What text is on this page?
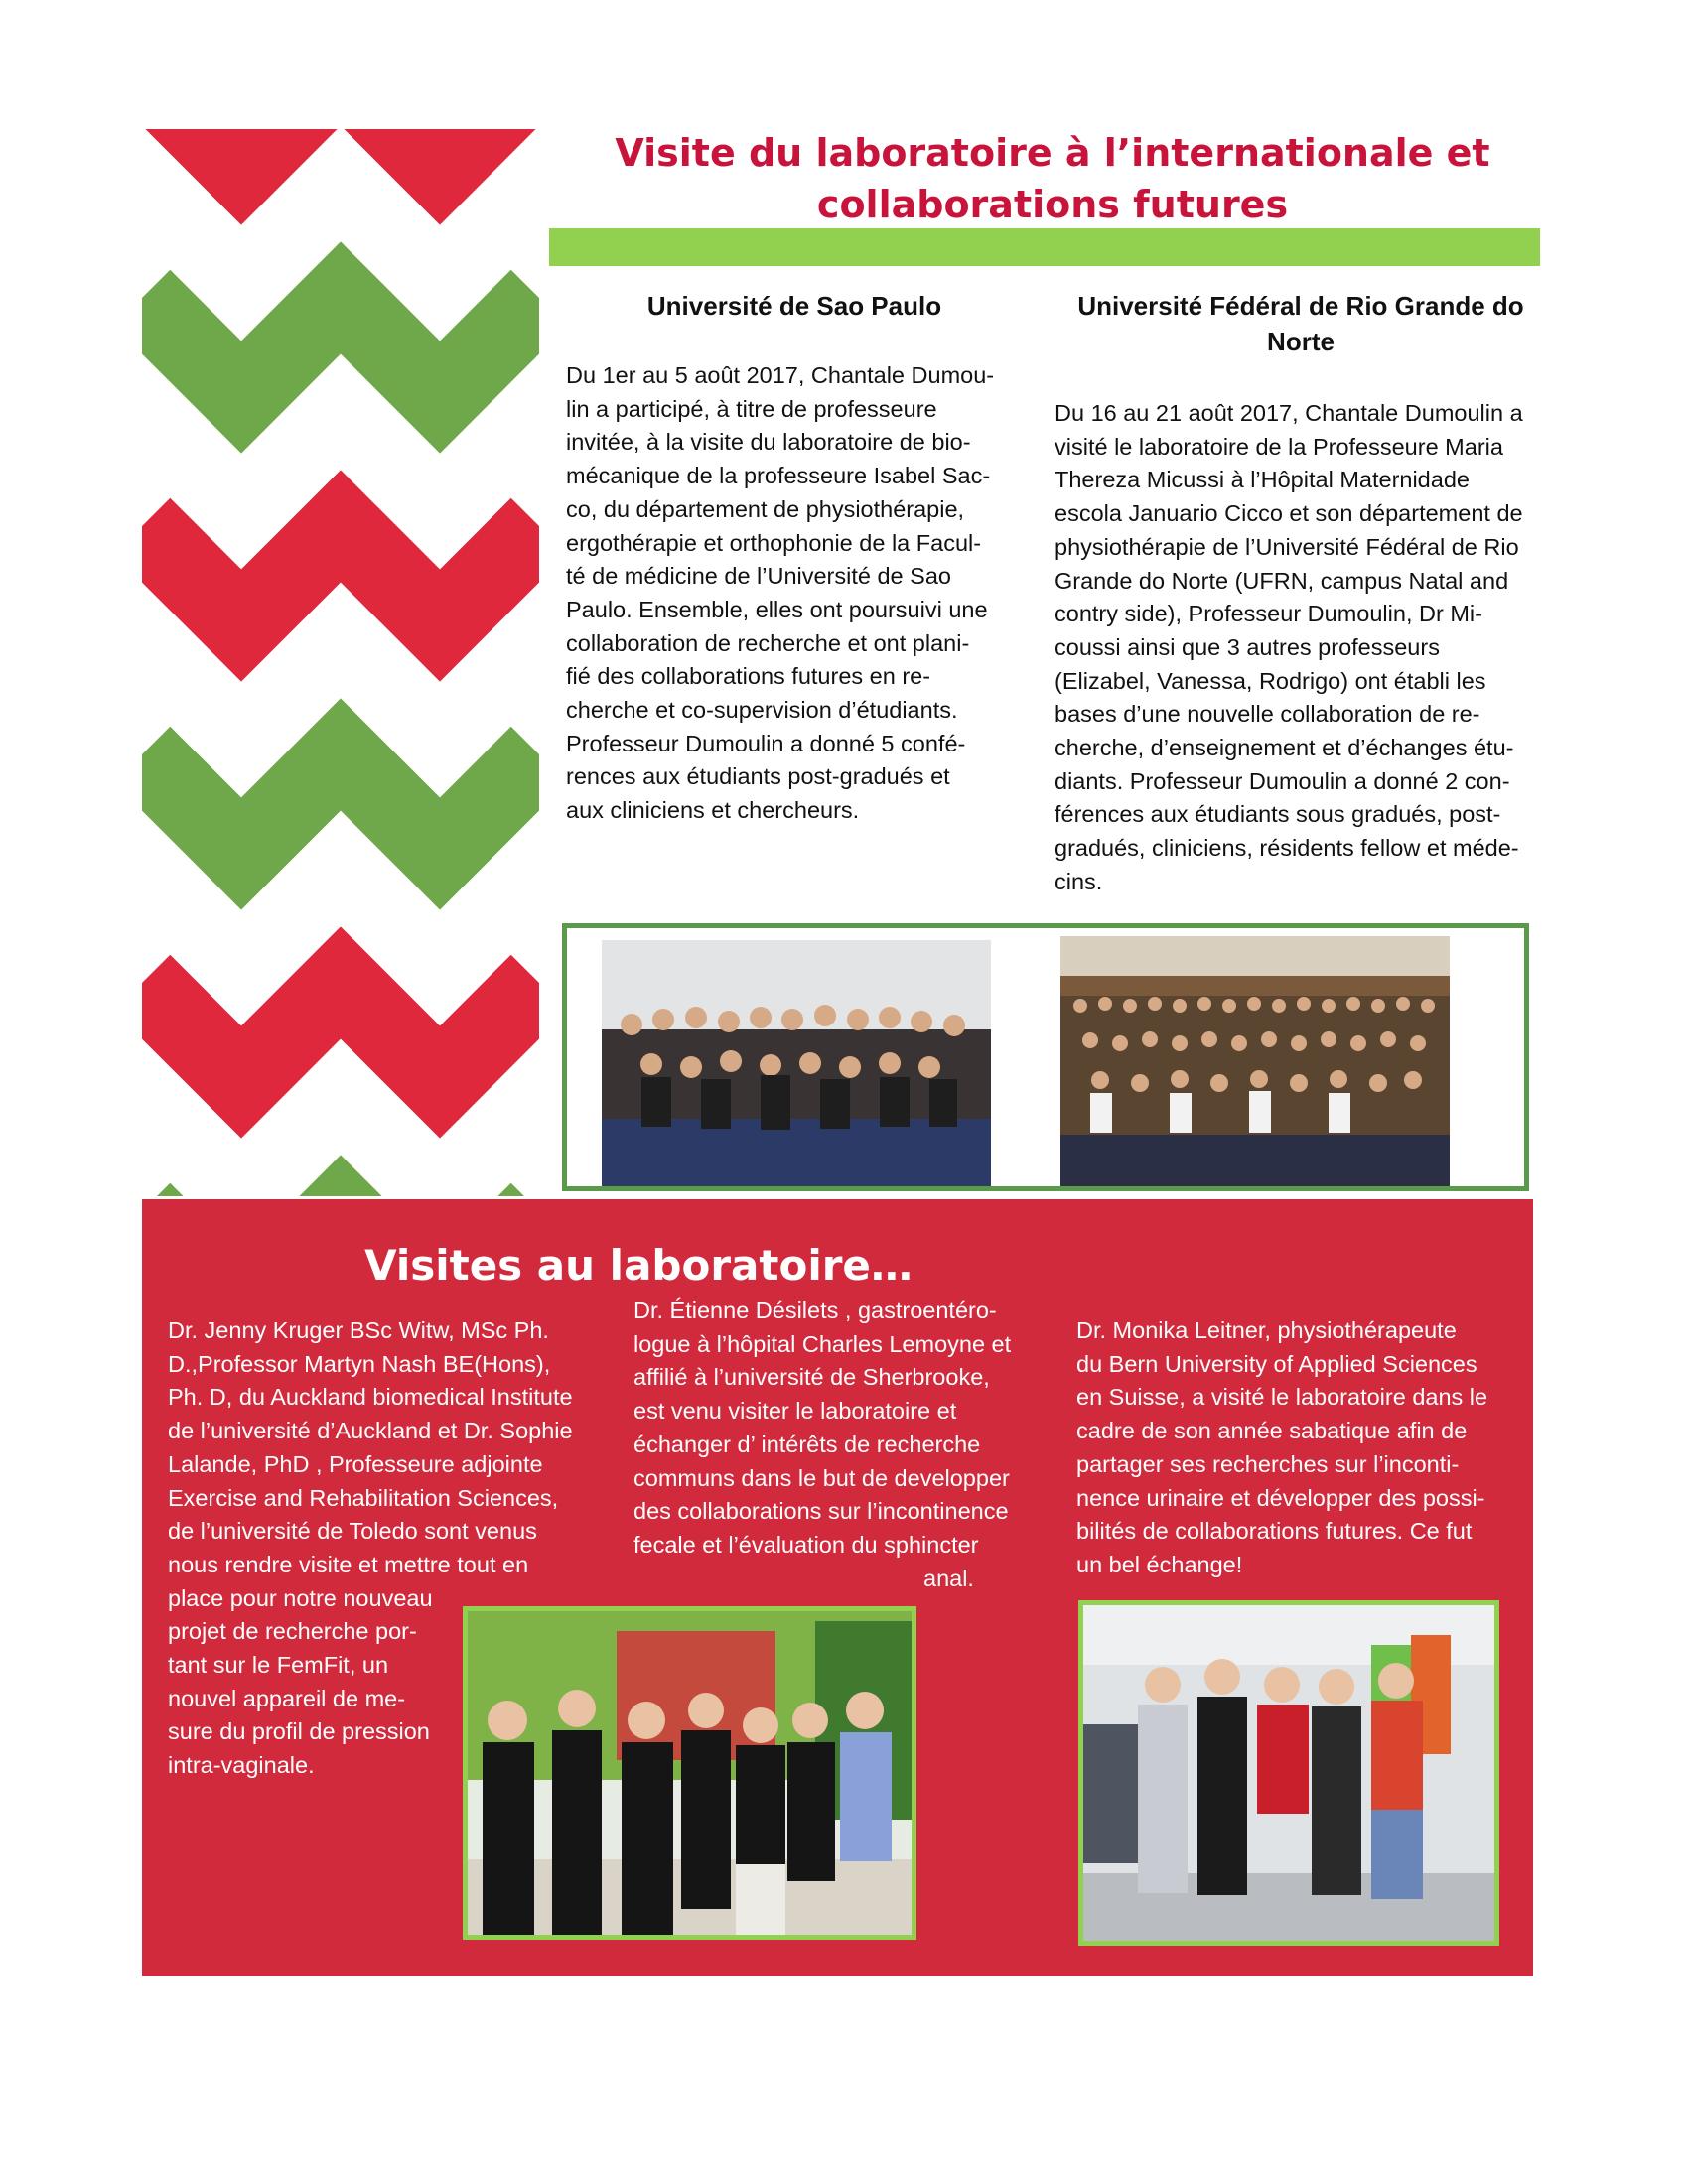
Visite du laboratoire à l’internationale et
collaborations futures
Université de Sao Paulo
Du 1er au 5 août 2017, Chantale Dumou-
lin a participé, à titre de professeure
invitée, à la visite du laboratoire de bio-
mécanique de la professeure Isabel Sac-
co, du département de physiothérapie,
ergothérapie et orthophonie de la Facul-
té de médicine de l’Université de Sao
Paulo. Ensemble, elles ont poursuivi une
collaboration de recherche et ont plani-
fié des collaborations futures en re-
cherche et co-supervision d’étudiants.
Professeur Dumoulin a donné 5 confé-
rences aux étudiants post-gradués et
aux cliniciens et chercheurs.
Université Fédéral de Rio Grande do
Norte
Du 16 au 21 août 2017, Chantale Dumoulin a
visité le laboratoire de la Professeure Maria
Thereza Micussi à l’Hôpital Maternidade
escola Januario Cicco et son département de
physiothérapie de l’Université Fédéral de Rio
Grande do Norte (UFRN, campus Natal and
contry side), Professeur Dumoulin, Dr Mi-
coussi ainsi que 3 autres professeurs
(Elizabel, Vanessa, Rodrigo) ont établi les
bases d’une nouvelle collaboration de re-
cherche, d’enseignement et d’échanges étu-
diants. Professeur Dumoulin a donné 2 con-
férences aux étudiants sous gradués, post-
gradués, cliniciens, résidents fellow et méde-
cins.
Visites au laboratoire…
Dr. Jenny Kruger BSc Witw, MSc Ph.
D.,Professor Martyn Nash BE(Hons),
Ph. D, du Auckland biomedical Institute
de l’université d’Auckland et Dr. Sophie
Lalande, PhD , Professeure adjointe
Exercise and Rehabilitation Sciences,
de l’université de Toledo sont venus
nous rendre visite et mettre tout en
place pour notre nouveau
projet de recherche por-
tant sur le FemFit, un
nouvel appareil de me-
sure du profil de pression
intra-vaginale.
Dr. Étienne Désilets , gastroentéro-
logue à l’hôpital Charles Lemoyne et
affilié à l’université de Sherbrooke,
est venu visiter le laboratoire et
échanger d’ intérêts de recherche
communs dans le but de developper
des collaborations sur l’incontinence
fecale et l’évaluation du sphincter
anal.
Dr. Monika Leitner, physiothérapeute
du Bern University of Applied Sciences
en Suisse, a visité le laboratoire dans le
cadre de son année sabatique afin de
partager ses recherches sur l’inconti-
nence urinaire et développer des possi-
bilités de collaborations futures. Ce fut
un bel échange!
